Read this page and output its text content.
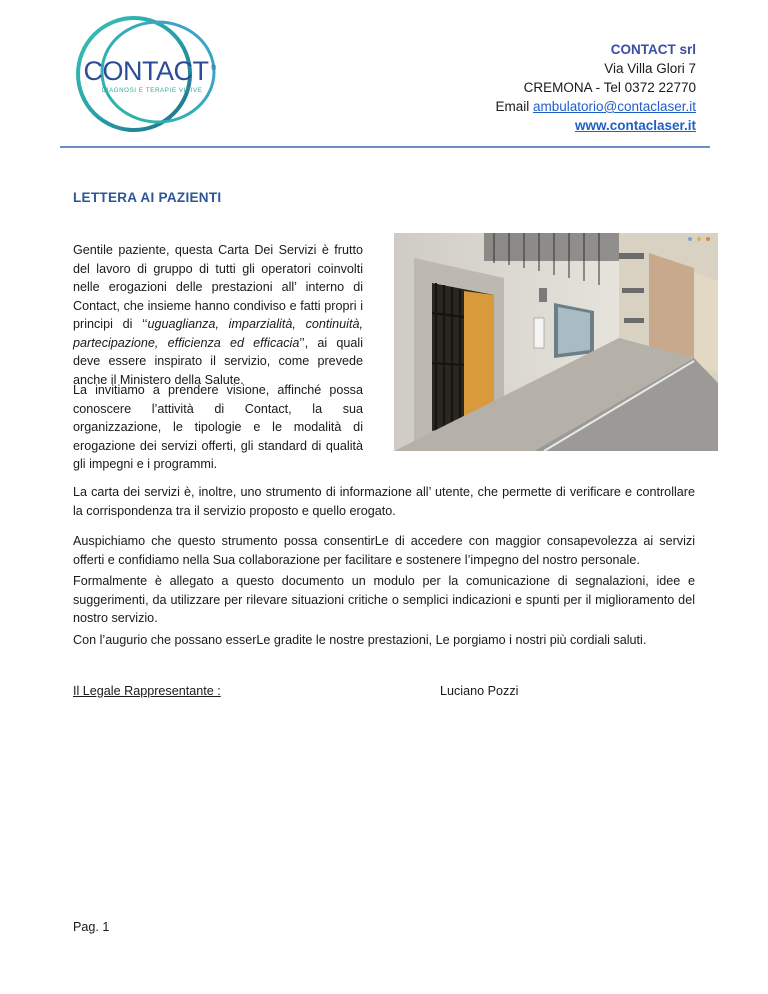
CONTACT ®
DIAGNOSI E TERAPIE VISIVE
CONTACT srl
Via Villa Glori 7
CREMONA - Tel 0372 22770
Email ambulatorio@contaclaser.it
www.contaclaser.it
LETTERA AI PAZIENTI

Gentile paziente, questa Carta Dei Servizi è frutto del lavoro di gruppo di tutti gli operatori coinvolti nelle erogazioni delle prestazioni all’ interno di Contact, che insieme hanno condiviso e fatti propri i principi di ‘‘uguaglianza, imparzialità, continuità, partecipazione, efficienza ed efficacia’’, ai quali deve essere inspirato il servizio, come prevede anche il Ministero della Salute.

La invitiamo a prendere visione, affinché possa conoscere l’attività di Contact, la sua organizzazione, le tipologie e le modalità di erogazione dei servizi offerti, gli standard di qualità gli impegni e i programmi.

La carta dei servizi è, inoltre, uno strumento di informazione all’ utente, che permette di verificare e controllare la corrispondenza tra il servizio proposto e quello erogato.

Auspichiamo che questo strumento possa consentirLe di accedere con maggior consapevolezza ai servizi offerti e confidiamo nella Sua collaborazione per facilitare e sostenere l’impegno del nostro personale.

Formalmente è allegato a questo documento un modulo per la comunicazione di segnalazioni, idee e suggerimenti, da utilizzare per rilevare situazioni critiche o semplici indicazioni e spunti per il miglioramento del nostro servizio.

Con l’augurio che possano esserLe gradite le nostre prestazioni, Le porgiamo i nostri più cordiali saluti.

Il Legale Rappresentante :	Luciano Pozzi
Pag. 1
